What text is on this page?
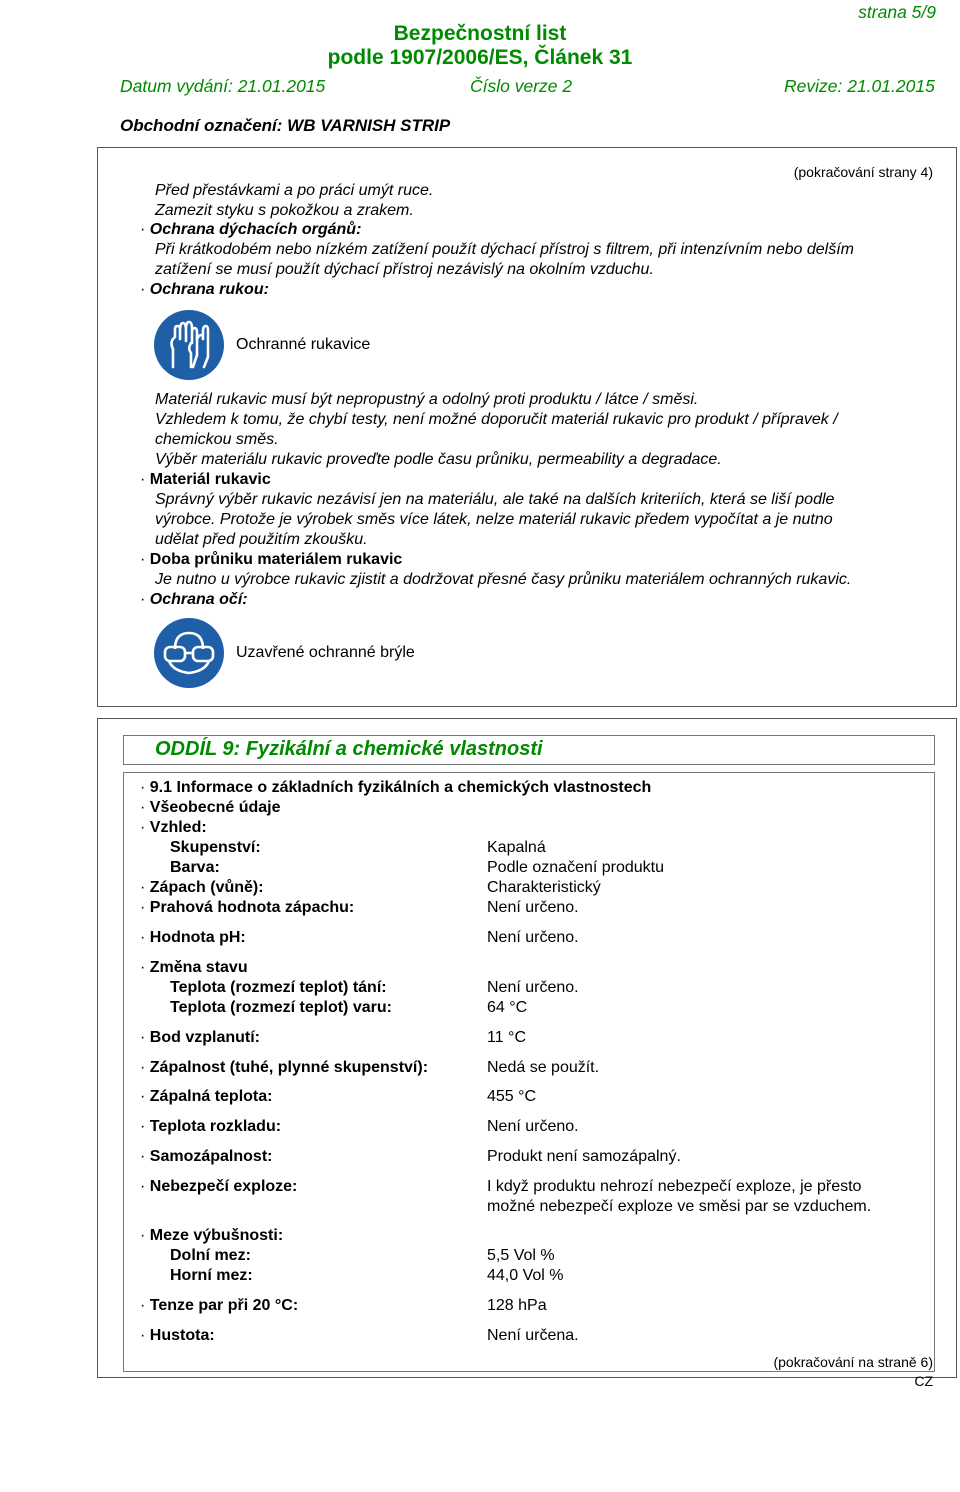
strana 5/9
Bezpečnostní list
podle 1907/2006/ES, Článek 31
Datum vydání: 21.01.2015	Číslo verze 2	Revize: 21.01.2015
Obchodní označení: WB VARNISH STRIP
(pokračování strany 4)
Před přestávkami a po práci umýt ruce.
Zamezit styku s pokožkou a zrakem.
· Ochrana dýchacích orgánů:
Při krátkodobém nebo nízkém zatížení použít dýchací přístroj s filtrem, při intenzívním nebo delším
zatížení se musí použít dýchací přístroj nezávislý na okolním vzduchu.
· Ochrana rukou:
Ochranné rukavice
Materiál rukavic musí být nepropustný a odolný proti produktu / látce / směsi.
Vzhledem k tomu, že chybí testy, není možné doporučit materiál rukavic pro produkt / přípravek /
chemickou směs.
Výběr materiálu rukavic proveďte podle času průniku, permeability a degradace.
· Materiál rukavic
Správný výběr rukavic nezávisí jen na materiálu, ale také na dalších kriteriích, která se liší podle
výrobce. Protože je výrobek směs více látek, nelze materiál rukavic předem vypočítat a je nutno
udělat před použitím zkoušku.
· Doba průniku materiálem rukavic
Je nutno u výrobce rukavic zjistit a dodržovat přesné časy průniku materiálem ochranných rukavic.
· Ochrana očí:
Uzavřené ochranné brýle
ODDÍL 9: Fyzikální a chemické vlastnosti
· 9.1 Informace o základních fyzikálních a chemických vlastnostech
· Všeobecné údaje
· Vzhled:
Skupenství:	Kapalná
Barva:	Podle označení produktu
· Zápach (vůně):	Charakteristický
· Prahová hodnota zápachu:	Není určeno.
· Hodnota pH:	Není určeno.
· Změna stavu
Teplota (rozmezí teplot) tání:	Není určeno.
Teplota (rozmezí teplot) varu:	64 °C
· Bod vzplanutí:	11 °C
· Zápalnost (tuhé, plynné skupenství):	Nedá se použít.
· Zápalná teplota:	455 °C
· Teplota rozkladu:	Není určeno.
· Samozápalnost:	Produkt není samozápalný.
· Nebezpečí exploze:	I když produktu nehrozí nebezpečí exploze, je přesto
možné nebezpečí exploze ve směsi par se vzduchem.
· Meze výbušnosti:
Dolní mez:	5,5 Vol %
Horní mez:	44,0 Vol %
· Tenze par při 20 °C:	128 hPa
· Hustota:	Není určena.
(pokračování na straně 6)
CZ
